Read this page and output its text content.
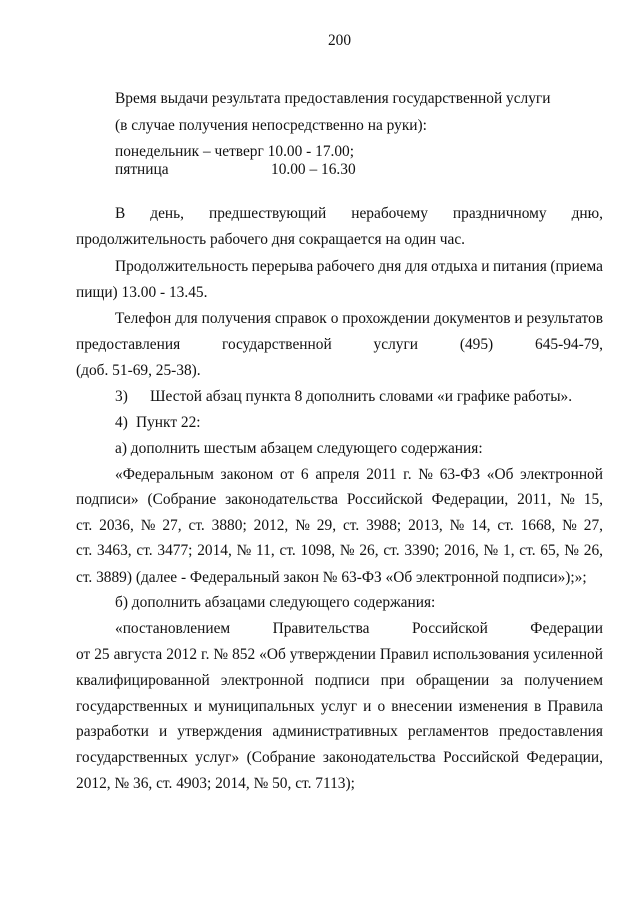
200
Время выдачи результата предоставления государственной услуги
(в случае получения непосредственно на руки):
понедельник – четверг 10.00 - 17.00;
пятница	10.00 – 16.30
В день, предшествующий нерабочему праздничному дню,
продолжительность рабочего дня сокращается на один час.
Продолжительность перерыва рабочего дня для отдыха и питания (приема
пищи) 13.00 - 13.45.
Телефон для получения справок о прохождении документов и результатов
предоставления государственной услуги (495) 645-94-79,
(доб. 51-69, 25-38).
3) Шестой абзац пункта 8 дополнить словами «и графике работы».
4) Пункт 22:
а) дополнить шестым абзацем следующего содержания:
«Федеральным законом от 6 апреля 2011 г. № 63-ФЗ «Об электронной
подписи» (Собрание законодательства Российской Федерации, 2011, № 15,
ст. 2036, № 27, ст. 3880; 2012, № 29, ст. 3988; 2013, № 14, ст. 1668, № 27,
ст. 3463, ст. 3477; 2014, № 11, ст. 1098, № 26, ст. 3390; 2016, № 1, ст. 65, № 26,
ст. 3889) (далее - Федеральный закон № 63-ФЗ «Об электронной подписи»);»;
б) дополнить абзацами следующего содержания:
«постановлением Правительства Российской Федерации
от 25 августа 2012 г. № 852 «Об утверждении Правил использования усиленной
квалифицированной электронной подписи при обращении за получением
государственных и муниципальных услуг и о внесении изменения в Правила
разработки и утверждения административных регламентов предоставления
государственных услуг» (Собрание законодательства Российской Федерации,
2012, № 36, ст. 4903; 2014, № 50, ст. 7113);
